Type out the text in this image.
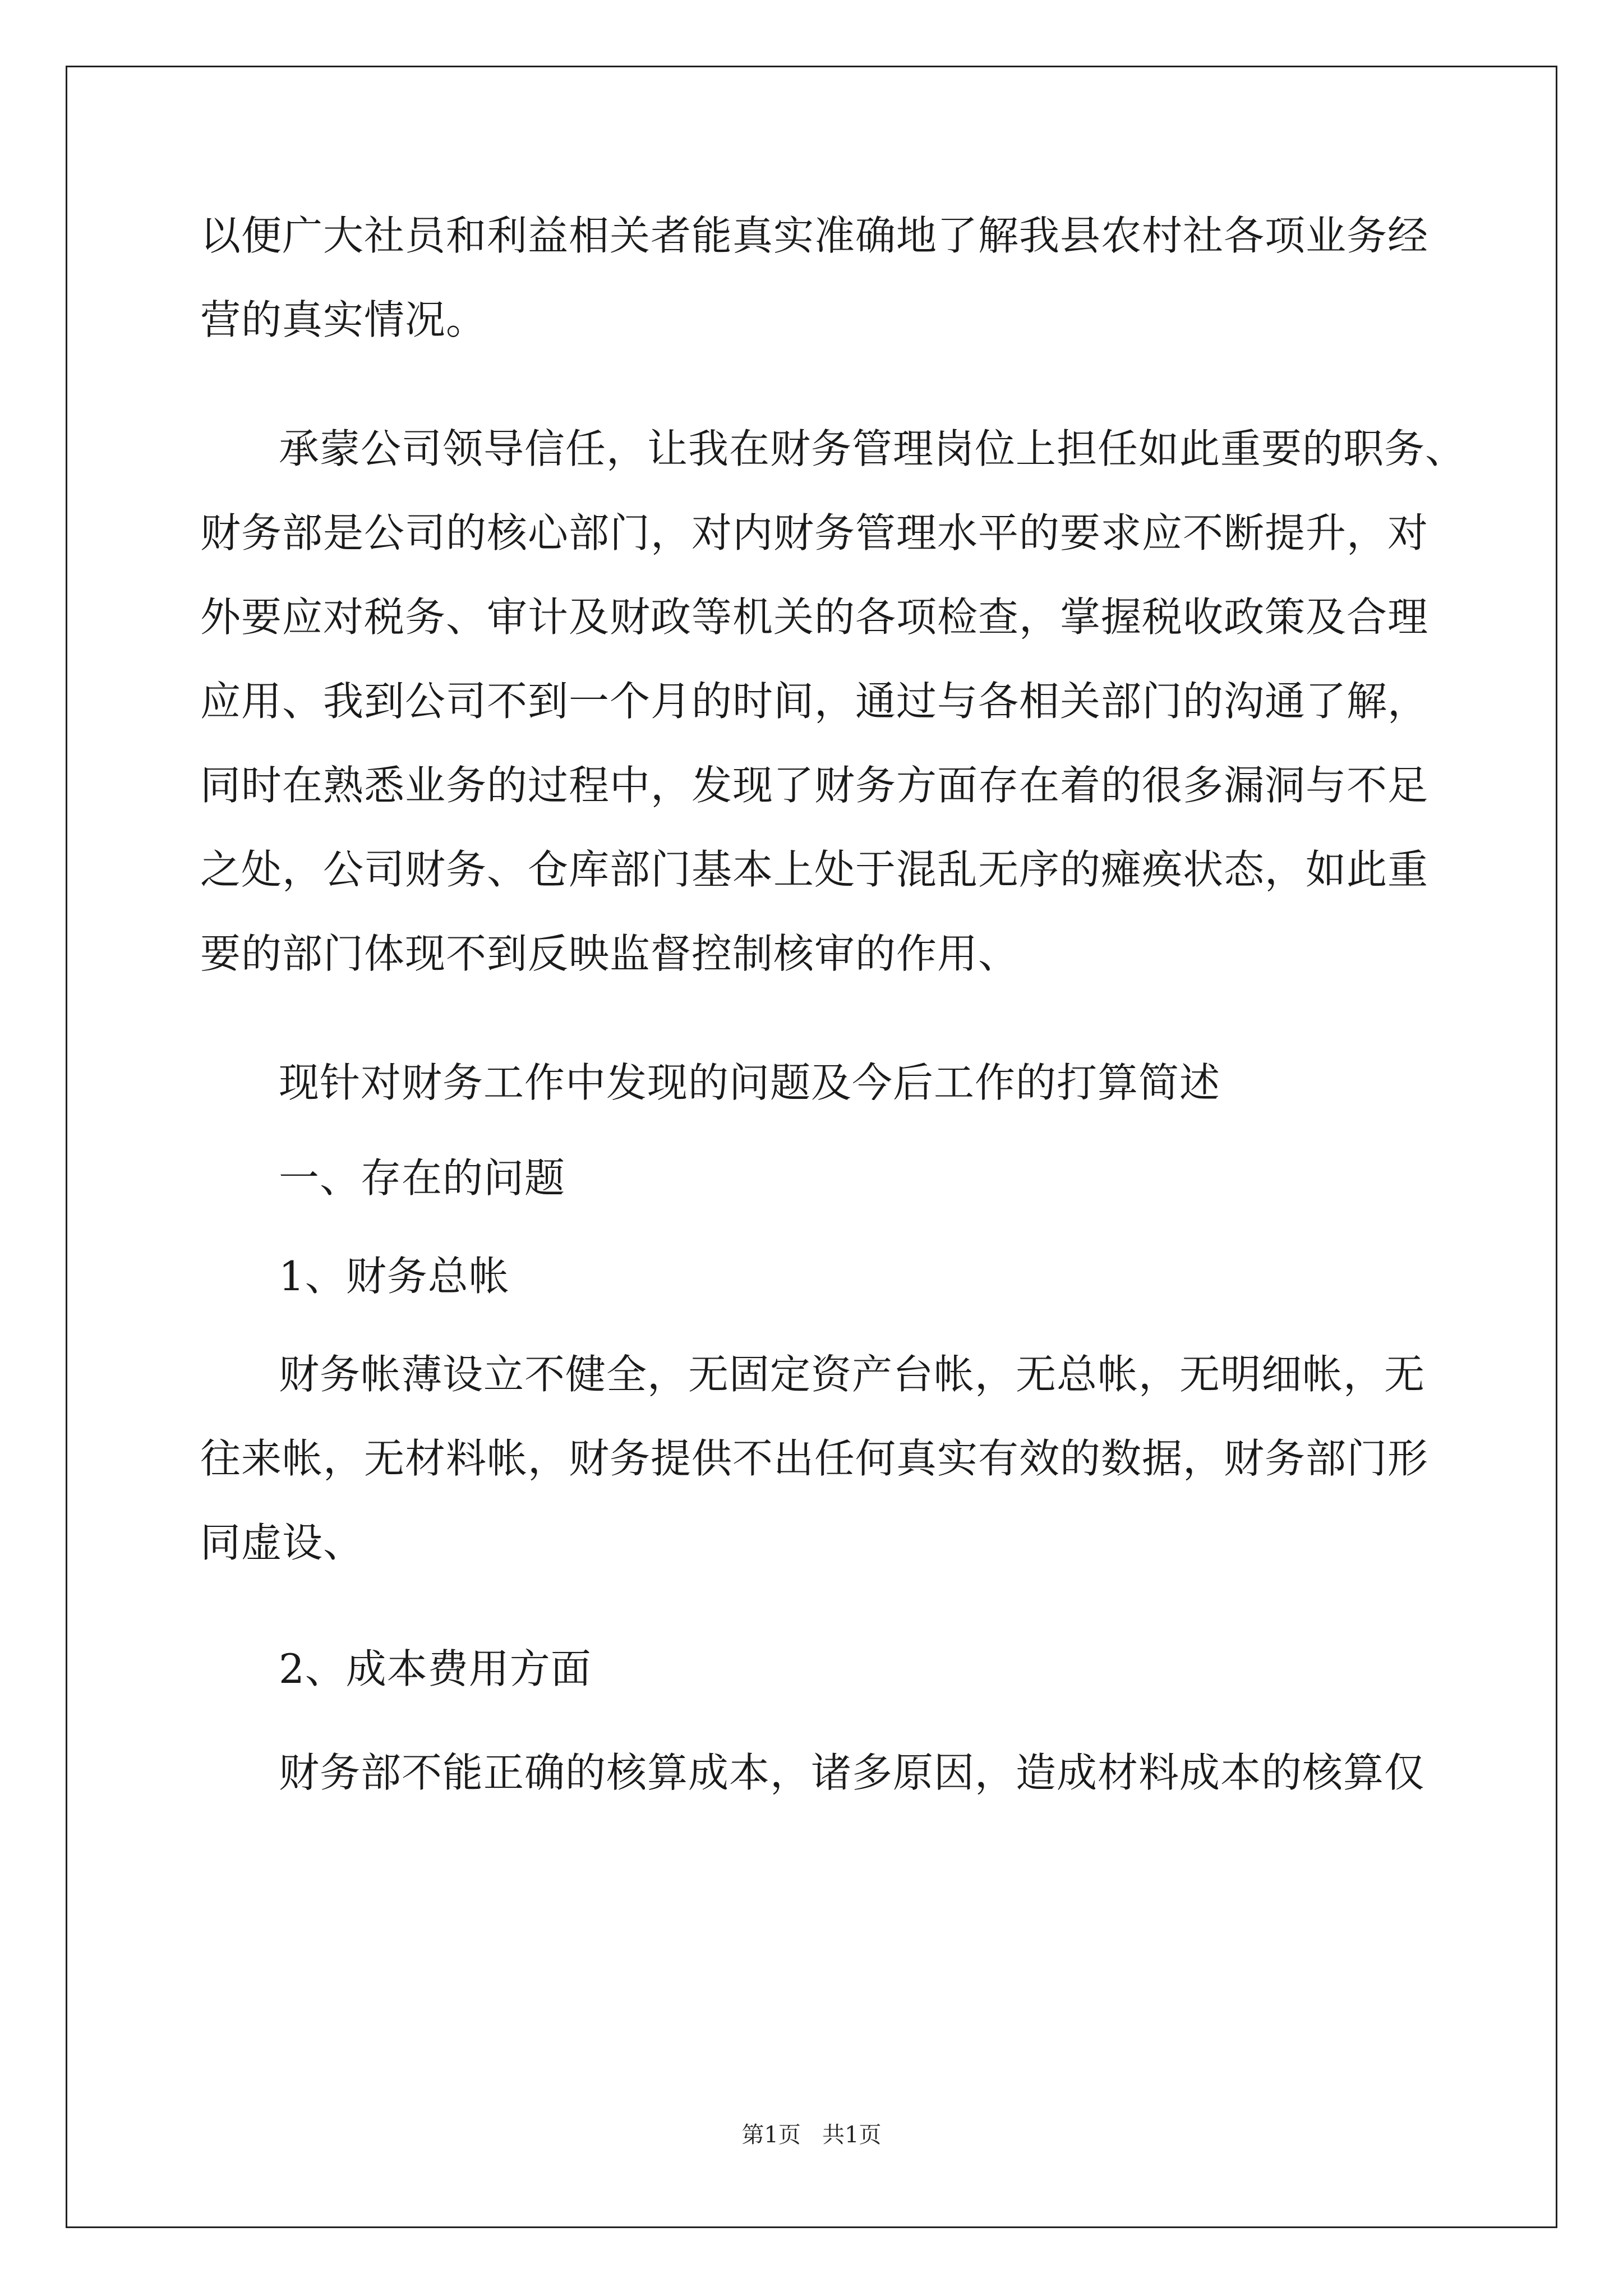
以便广大社员和利益相关者能真实准确地了解我县农村社各项业务经
营的真实情况。
承蒙公司领导信任，让我在财务管理岗位上担任如此重要的职务、
财务部是公司的核心部门，对内财务管理水平的要求应不断提升，对
外要应对税务、审计及财政等机关的各项检查，掌握税收政策及合理
应用、我到公司不到一个月的时间，通过与各相关部门的沟通了解，
同时在熟悉业务的过程中，发现了财务方面存在着的很多漏洞与不足
之处，公司财务、仓库部门基本上处于混乱无序的瘫痪状态，如此重
要的部门体现不到反映监督控制核审的作用、
现针对财务工作中发现的问题及今后工作的打算简述
一、存在的问题
1、财务总帐
财务帐薄设立不健全，无固定资产台帐，无总帐，无明细帐，无
往来帐，无材料帐，财务提供不出任何真实有效的数据，财务部门形
同虚设、
2、成本费用方面
财务部不能正确的核算成本，诸多原因，造成材料成本的核算仅
第1页 共1页
